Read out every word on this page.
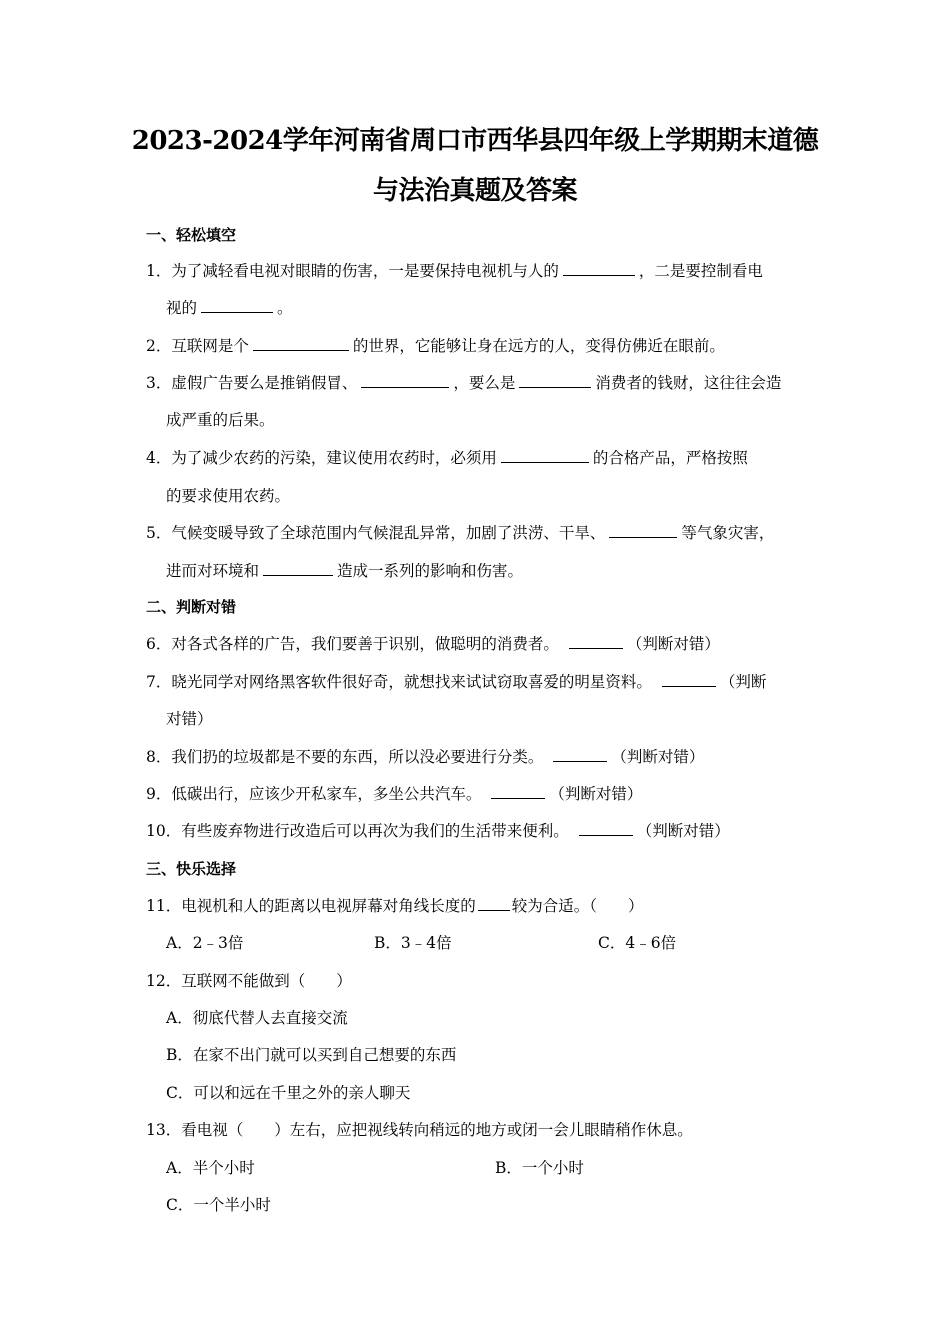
2023-2024学年河南省周口市西华县四年级上学期期末道德
与法治真题及答案
一、轻松填空
1．为了减轻看电视对眼睛的伤害，一是要保持电视机与人的	，二是要控制看电
视的	。
2．互联网是个	的世界，它能够让身在远方的人，变得仿佛近在眼前。
3．虚假广告要么是推销假冒、	，要么是	消费者的钱财，这往往会造
成严重的后果。
4．为了减少农药的污染，建议使用农药时，必须用	的合格产品，严格按照
的要求使用农药。
5．气候变暖导致了全球范围内气候混乱异常，加剧了洪涝、干旱、	等气象灾害，
进而对环境和	造成一系列的影响和伤害。
二、判断对错
6．对各式各样的广告，我们要善于识别，做聪明的消费者。	（判断对错）
7．晓光同学对网络黑客软件很好奇，就想找来试试窃取喜爱的明星资料。	（判断
对错）
8．我们扔的垃圾都是不要的东西，所以没必要进行分类。	（判断对错）
9．低碳出行，应该少开私家车，多坐公共汽车。	（判断对错）
10．有些废弃物进行改造后可以再次为我们的生活带来便利。	（判断对错）
三、快乐选择
11．电视机和人的距离以电视屏幕对角线长度的 较为合适。（　　）
A．2﹣3倍	B．3﹣4倍	C．4﹣6倍
12．互联网不能做到（　　）
A．彻底代替人去直接交流
B．在家不出门就可以买到自己想要的东西
C．可以和远在千里之外的亲人聊天
13．看电视（　　）左右，应把视线转向稍远的地方或闭一会儿眼睛稍作休息。
A．半个小时	B．一个小时
C．一个半小时
